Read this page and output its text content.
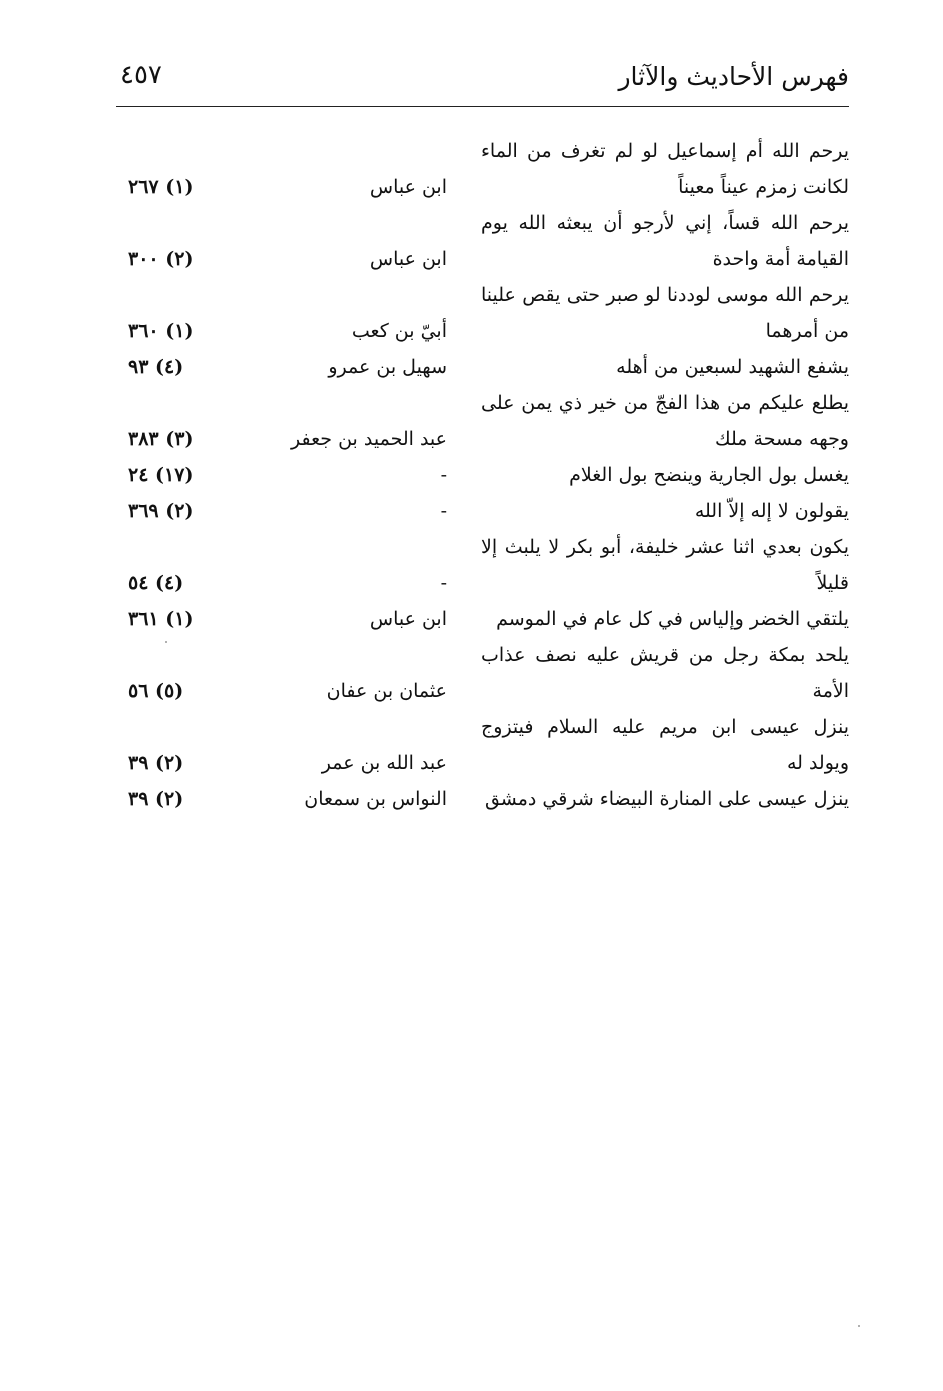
فهرس الأحاديث والآثار
٤٥٧
يرحم الله أم إسماعيل لو لم تغرف من الماء لكانت زمزم عيناً معيناً
ابن عباس
(١) ٢٦٧
يرحم الله قساً، إني لأرجو أن يبعثه الله يوم القيامة أمة واحدة
ابن عباس
(٢) ٣٠٠
يرحم الله موسى لوددنا لو صبر حتى يقص علينا من أمرهما
أبيّ بن كعب
(١) ٣٦٠
يشفع الشهيد لسبعين من أهله
سهيل بن عمرو
(٤) ٩٣
يطلع عليكم من هذا الفجّ من خير ذي يمن على وجهه مسحة ملك
عبد الحميد بن جعفر
(٣) ٣٨٣
يغسل بول الجارية وينضح بول الغلام
-
(١٧) ٢٤
يقولون لا إله إلاّ الله
-
(٢) ٣٦٩
يكون بعدي اثنا عشر خليفة، أبو بكر لا يلبث إلا قليلاً
-
(٤) ٥٤
يلتقي الخضر وإلياس في كل عام في الموسم
ابن عباس
(١) ٣٦١
يلحد بمكة رجل من قريش عليه نصف عذاب الأمة
عثمان بن عفان
(٥) ٥٦
ينزل عيسى ابن مريم عليه السلام فيتزوج ويولد له
عبد الله بن عمر
(٢) ٣٩
ينزل عيسى على المنارة البيضاء شرقي دمشق
النواس بن سمعان
(٢) ٣٩
